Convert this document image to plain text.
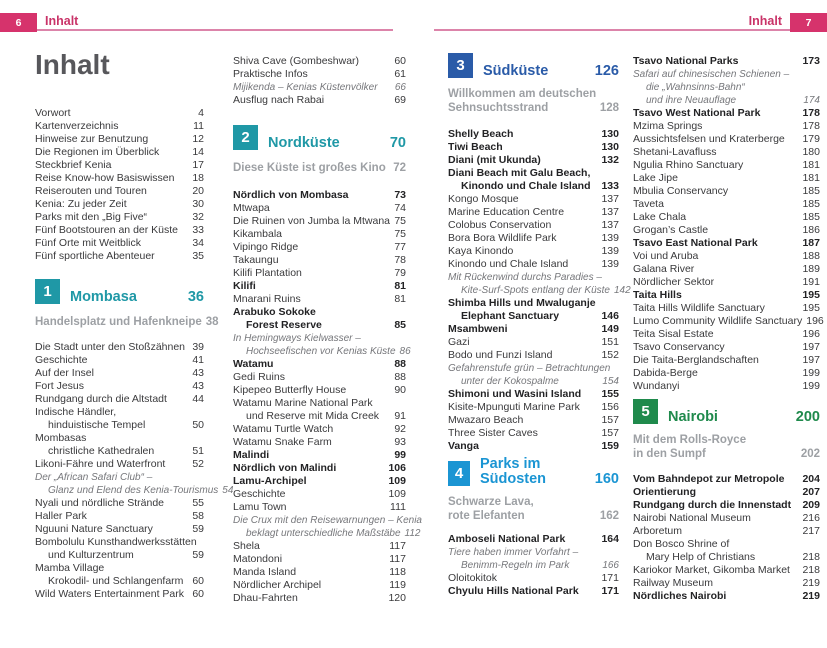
6	Inhalt	Inhalt	7
Inhalt
Vorwort	4
Kartenverzeichnis	11
Hinweise zur Benutzung	12
Die Regionen im Überblick	14
Steckbrief Kenia	17
Reise Know-how Basiswissen	18
Reiserouten und Touren	20
Kenia: Zu jeder Zeit	30
Parks mit den „Big Five“	32
Fünf Bootstouren an der Küste	33
Fünf Orte mit Weitblick	34
Fünf sportliche Abenteuer	35
1	Mombasa	36
Handelsplatz und Hafenkneipe 38
Die Stadt unter den Stoßzähnen 39
Geschichte	41
Auf der Insel	43
Fort Jesus	43
Rundgang durch die Altstadt	44
Indische Händler,
hinduistische Tempel	50
Mombasas
christliche Kathedralen	51
Likoni-Fähre und Waterfront	52
Der „African Safari Club“ –
Glanz und Elend des Kenia-Tourismus 54
Nyali und nördliche Strände	55
Haller Park	58
Nguuni Nature Sanctuary	59
Bombolulu Kunsthandwerksstätten
und Kulturzentrum	59
Mamba Village
Krokodil- und Schlangenfarm 60
Wild Waters Entertainment Park 60
Shiva Cave (Gombeshwar)	60
Praktische Infos	61
Mijikenda – Kenias Küstenvölker	66
Ausflug nach Rabai	69
2	Nordküste	70
Diese Küste ist großes Kino 72
Nördlich von Mombasa	73
Mtwapa	74
Die Ruinen von Jumba la Mtwana 75
Kikambala	75
Vipingo Ridge	77
Takaungu	78
Kilifi Plantation	79
Kilifi	81
Mnarani Ruins	81
Arabuko Sokoke
Forest Reserve	85
In Hemingways Kielwasser –
Hochseefischen vor Kenias Küste 86
Watamu	88
Gedi Ruins	88
Kipepeo Butterfly House	90
Watamu Marine National Park
und Reserve mit Mida Creek	91
Watamu Turtle Watch	92
Watamu Snake Farm	93
Malindi	99
Nördlich von Malindi	106
Lamu-Archipel	109
Geschichte	109
Lamu Town	111
Die Crux mit den Reisewarnungen – Kenia
beklagt unterschiedliche Maßstäbe 112
Shela	117
Matondoni	117
Manda Island	118
Nördlicher Archipel	119
Dhau-Fahrten	120
3	Südküste	126
Willkommen am deutschen
Sehnsuchtsstrand	128
Shelly Beach	130
Tiwi Beach	130
Diani (mit Ukunda)	132
Diani Beach mit Galu Beach,
Kinondo und Chale Island	133
Kongo Mosque	137
Marine Education Centre	137
Colobus Conservation	137
Bora Bora Wildlife Park	139
Kaya Kinondo	139
Kinondo und Chale Island	139
Mit Rückenwind durchs Paradies –
Kite-Surf-Spots entlang der Küste 142
Shimba Hills und Mwaluganje
Elephant Sanctuary	146
Msambweni	149
Gazi	151
Bodo und Funzi Island	152
Gefahrenstufe grün – Betrachtungen
unter der Kokospalme	154
Shimoni und Wasini Island	155
Kisite-Mpunguti Marine Park	156
Mwazaro Beach	157
Three Sister Caves	157
Vanga	159
4
Parks im Südosten	160
Schwarze Lava,
rote Elefanten	162
Amboseli National Park	164
Tiere haben immer Vorfahrt –
Benimm-Regeln im Park	166
Oloitokitok	171
Chyulu Hills National Park	171
Tsavo National Parks	173
Safari auf chinesischen Schienen –
die „Wahnsinns-Bahn“
und ihre Neuauflage	174
Tsavo West National Park	178
Mzima Springs	178
Aussichtsfelsen und Kraterberge	179
Shetani-Lavafluss	180
Ngulia Rhino Sanctuary	181
Lake Jipe	181
Mbulia Conservancy	185
Taveta	185
Lake Chala	185
Grogan’s Castle	186
Tsavo East National Park	187
Voi und Aruba	188
Galana River	189
Nördlicher Sektor	191
Taita Hills	195
Taita Hills Wildlife Sanctuary	195
Lumo Community Wildlife Sanctuary 196
Teita Sisal Estate	196
Tsavo Conservancy	197
Die Taita-Berglandschaften	197
Dabida-Berge	199
Wundanyi	199
5	Nairobi	200
Mit dem Rolls-Royce
in den Sumpf	202
Vom Bahndepot zur Metropole	204
Orientierung	207
Rundgang durch die Innenstadt	209
Nairobi National Museum	216
Arboretum	217
Don Bosco Shrine of
Mary Help of Christians	218
Kariokor Market, Gikomba Market	218
Railway Museum	219
Nördliches Nairobi	219
